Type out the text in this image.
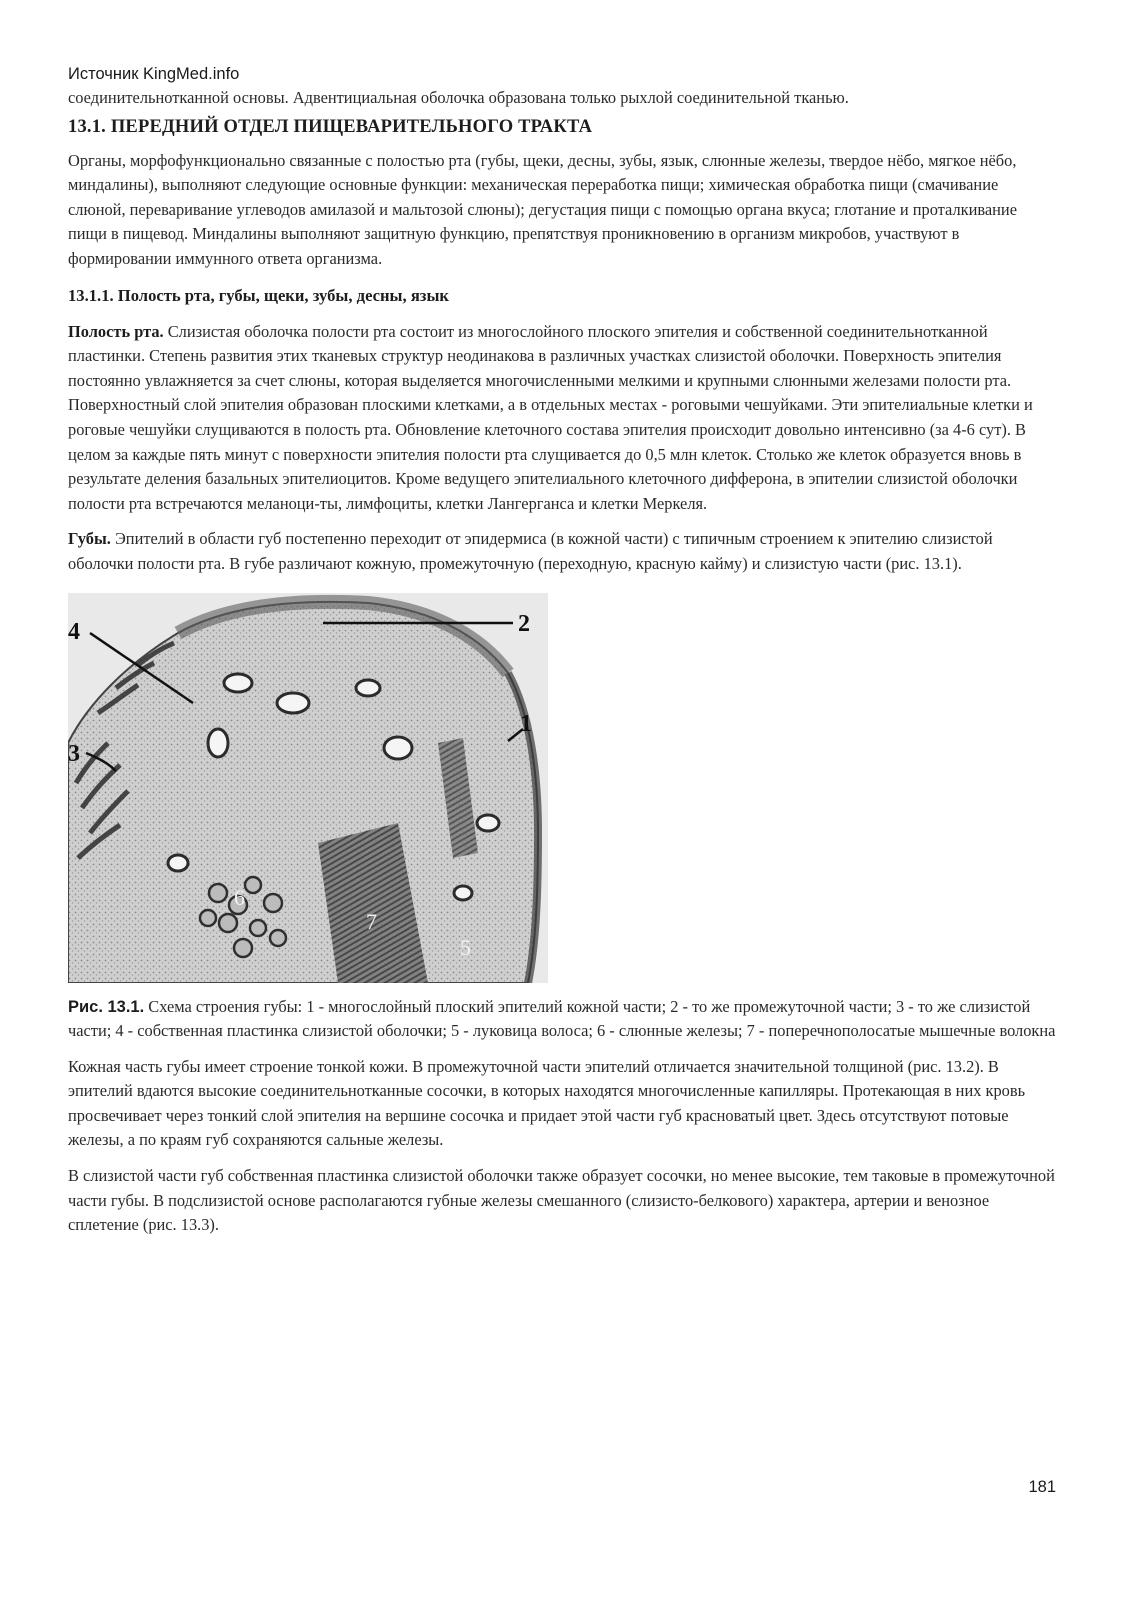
Источник KingMed.info

соединительнотканной основы. Адвентициальная оболочка образована только рыхлой соединительной тканью.

13.1. ПЕРЕДНИЙ ОТДЕЛ ПИЩЕВАРИТЕЛЬНОГО ТРАКТА

Органы, морфофункционально связанные с полостью рта (губы, щеки, десны, зубы, язык, слюнные железы, твердое нёбо, мягкое нёбо, миндалины), выполняют следующие основные функции: механическая переработка пищи; химическая обработка пищи (смачивание слюной, переваривание углеводов амилазой и мальтозой слюны); дегустация пищи с помощью органа вкуса; глотание и проталкивание пищи в пищевод. Миндалины выполняют защитную функцию, препятствуя проникновению в организм микробов, участвуют в формировании иммунного ответа организма.

13.1.1. Полость рта, губы, щеки, зубы, десны, язык

Полость рта. Слизистая оболочка полости рта состоит из многослойного плоского эпителия и собственной соединительнотканной пластинки. Степень развития этих тканевых структур неодинакова в различных участках слизистой оболочки. Поверхность эпителия постоянно увлажняется за счет слюны, которая выделяется многочисленными мелкими и крупными слюнными железами полости рта. Поверхностный слой эпителия образован плоскими клетками, а в отдельных местах - роговыми чешуйками. Эти эпителиальные клетки и роговые чешуйки слущиваются в полость рта. Обновление клеточного состава эпителия происходит довольно интенсивно (за 4-6 сут). В целом за каждые пять минут с поверхности эпителия полости рта слущивается до 0,5 млн клеток. Столько же клеток образуется вновь в результате деления базальных эпителиоцитов. Кроме ведущего эпителиального клеточного дифферона, в эпителии слизистой оболочки полости рта встречаются меланоци-ты, лимфоциты, клетки Лангерганса и клетки Меркеля.

Губы. Эпителий в области губ постепенно переходит от эпидермиса (в кожной части) с типичным строением к эпителию слизистой оболочки полости рта. В губе различают кожную, промежуточную (переходную, красную кайму) и слизистую части (рис. 13.1).

1
2
3
4
5
6
7

Рис. 13.1. Схема строения губы: 1 - многослойный плоский эпителий кожной части; 2 - то же промежуточной части; 3 - то же слизистой части; 4 - собственная пластинка слизистой оболочки; 5 - луковица волоса; 6 - слюнные железы; 7 - поперечнополосатые мышечные волокна

Кожная часть губы имеет строение тонкой кожи. В промежуточной части эпителий отличается значительной толщиной (рис. 13.2). В эпителий вдаются высокие соединительнотканные сосочки, в которых находятся многочисленные капилляры. Протекающая в них кровь просвечивает через тонкий слой эпителия на вершине сосочка и придает этой части губ красноватый цвет. Здесь отсутствуют потовые железы, а по краям губ сохраняются сальные железы.

В слизистой части губ собственная пластинка слизистой оболочки также образует сосочки, но менее высокие, тем таковые в промежуточной части губы. В подслизистой основе располагаются губные железы смешанного (слизисто-белкового) характера, артерии и венозное сплетение (рис. 13.3).

181
